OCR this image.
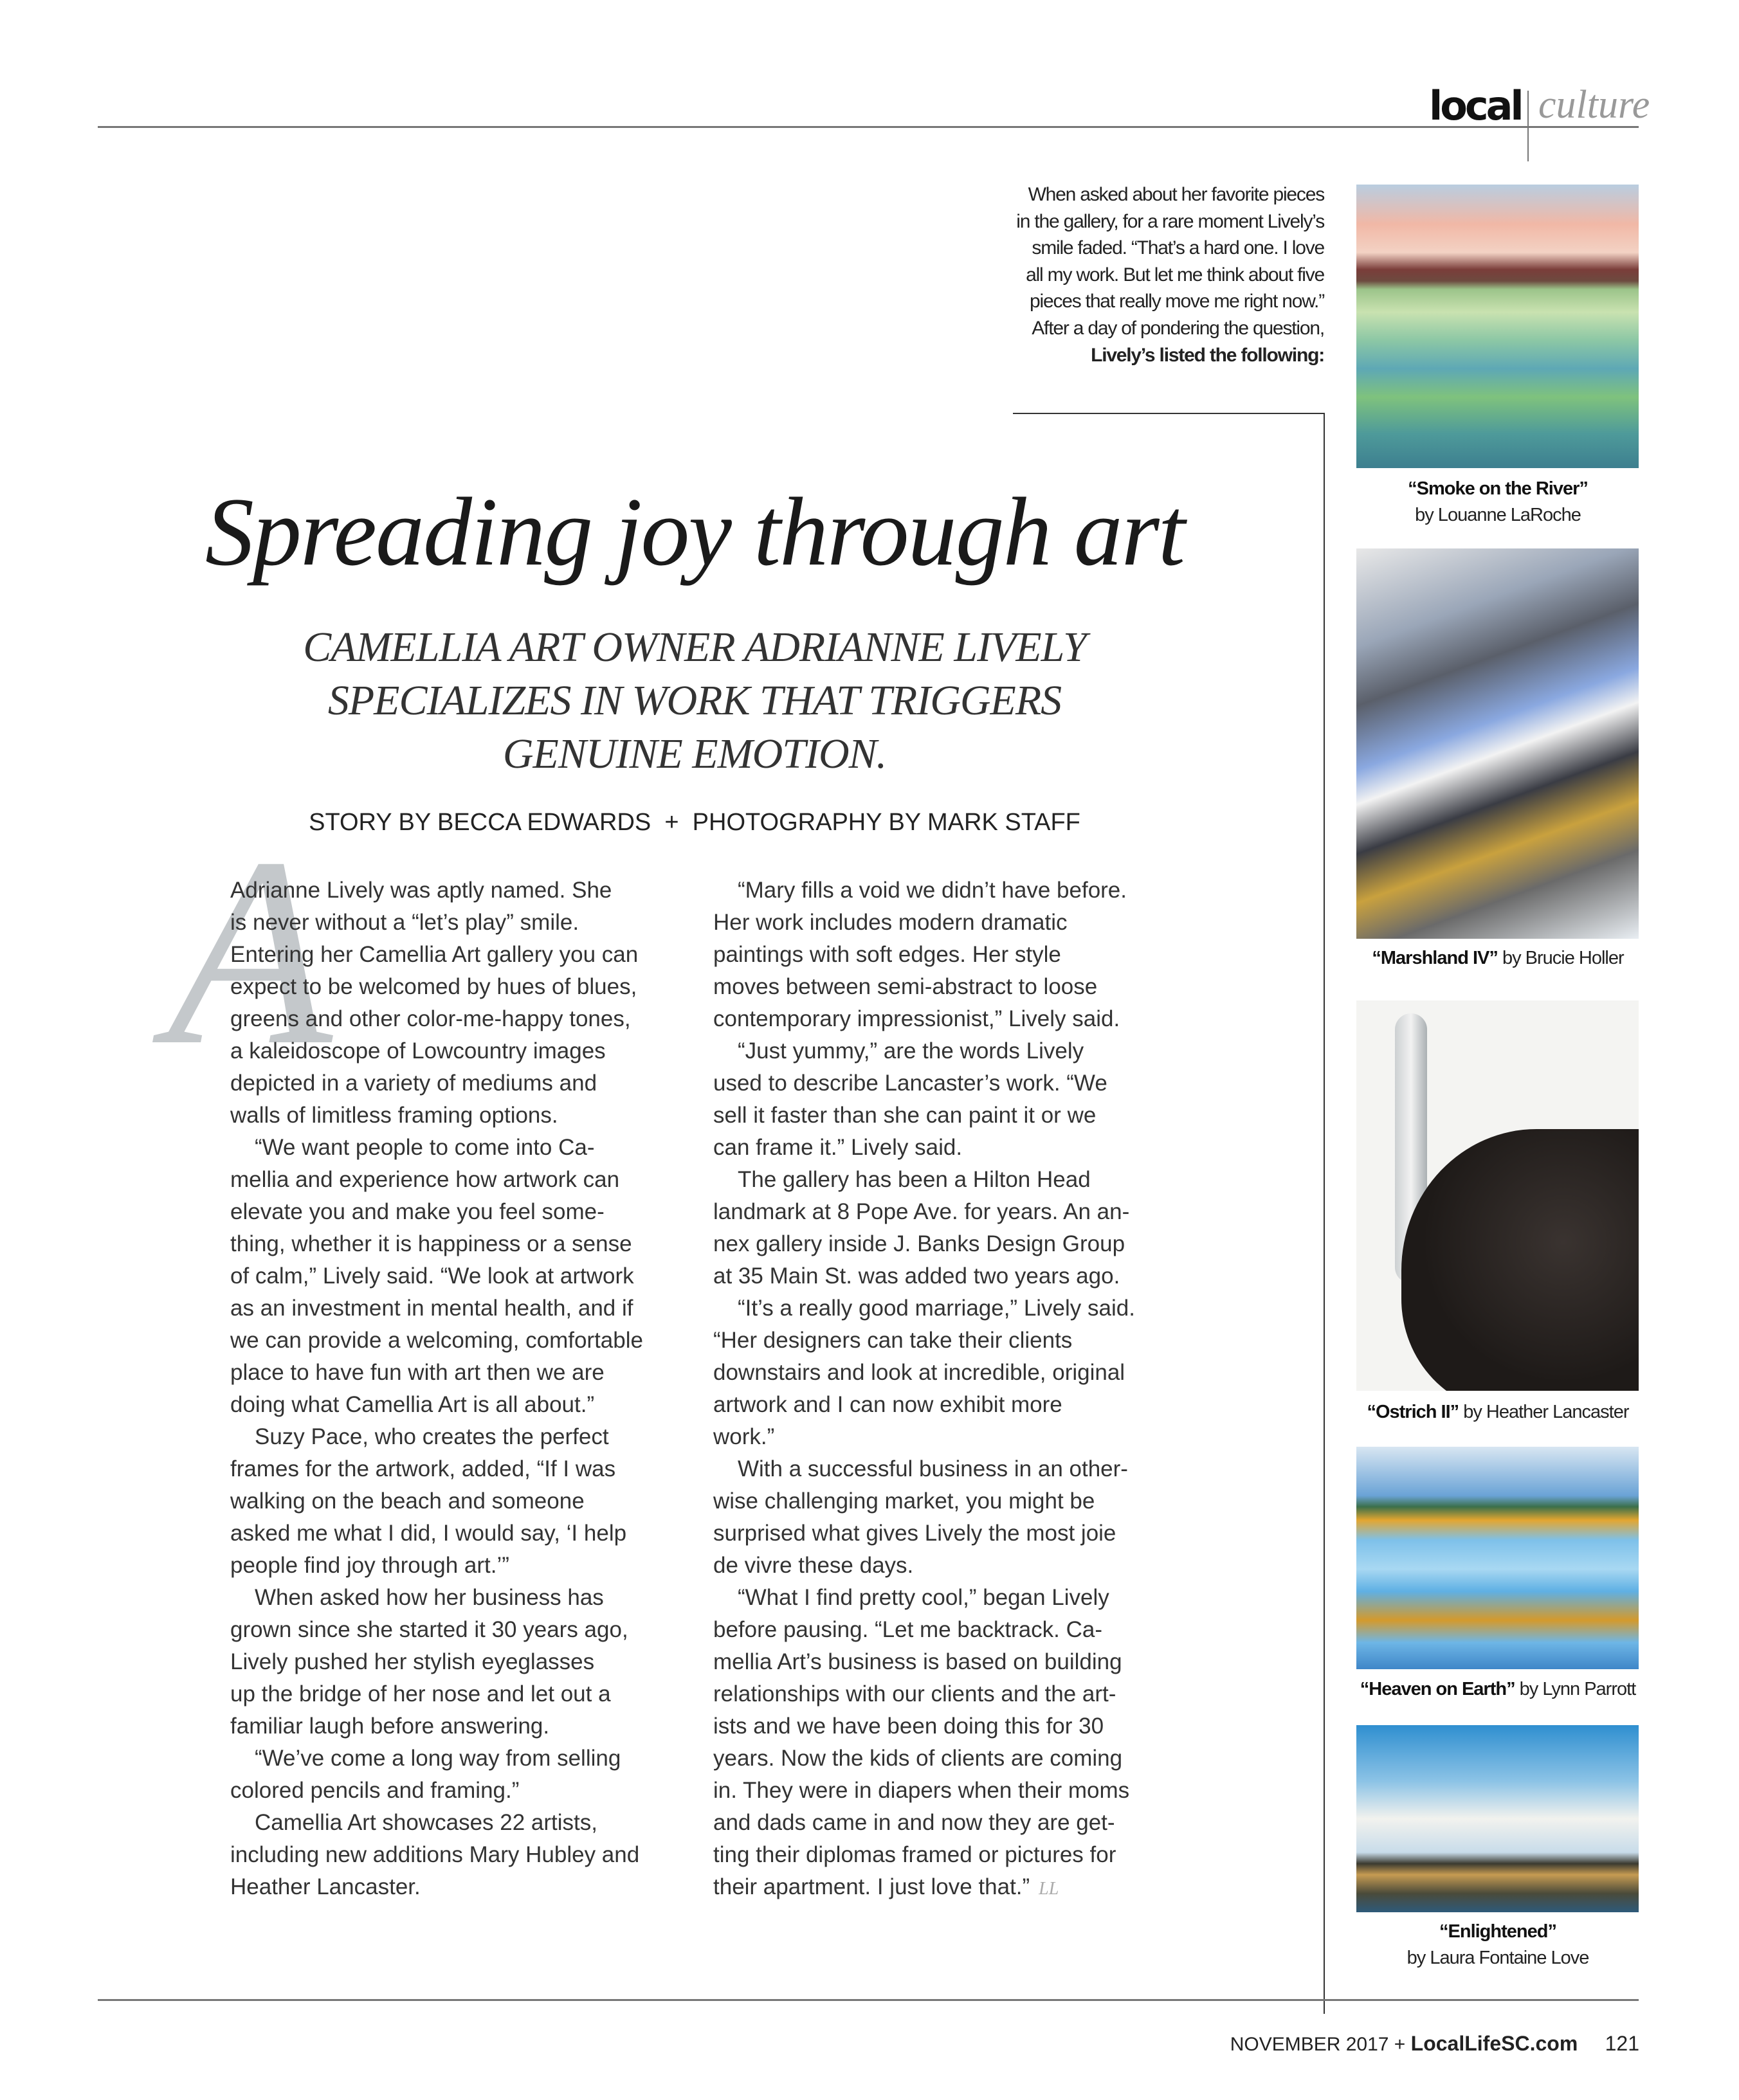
local culture
When asked about her favorite pieces
in the gallery, for a rare moment Lively’s
smile faded. “That’s a hard one. I love
all my work. But let me think about five
pieces that really move me right now.”
After a day of pondering the question,
Lively’s listed the following:
“Smoke on the River”
by Louanne LaRoche
“Marshland IV” by Brucie Holler
“Ostrich II” by Heather Lancaster
“Heaven on Earth” by Lynn Parrott
“Enlightened”
by Laura Fontaine Love
Spreading joy through art
CAMELLIA ART OWNER ADRIANNE LIVELY
SPECIALIZES IN WORK THAT TRIGGERS
GENUINE EMOTION.
STORY BY BECCA EDWARDS  +  PHOTOGRAPHY BY MARK STAFF
A
Adrianne Lively was aptly named. She
is never without a “let’s play” smile.
Entering her Camellia Art gallery you can
expect to be welcomed by hues of blues,
greens and other color-me-happy tones,
a kaleidoscope of Lowcountry images
depicted in a variety of mediums and
walls of limitless framing options.
“We want people to come into Ca-
mellia and experience how artwork can
elevate you and make you feel some-
thing, whether it is happiness or a sense
of calm,” Lively said. “We look at artwork
as an investment in mental health, and if
we can provide a welcoming, comfortable
place to have fun with art then we are
doing what Camellia Art is all about.”
Suzy Pace, who creates the perfect
frames for the artwork, added, “If I was
walking on the beach and someone
asked me what I did, I would say, ‘I help
people find joy through art.’”
When asked how her business has
grown since she started it 30 years ago,
Lively pushed her stylish eyeglasses
up the bridge of her nose and let out a
familiar laugh before answering.
“We’ve come a long way from selling
colored pencils and framing.”
Camellia Art showcases 22 artists,
including new additions Mary Hubley and
Heather Lancaster.
“Mary fills a void we didn’t have before.
Her work includes modern dramatic
paintings with soft edges. Her style
moves between semi-abstract to loose
contemporary impressionist,” Lively said.
“Just yummy,” are the words Lively
used to describe Lancaster’s work. “We
sell it faster than she can paint it or we
can frame it.” Lively said.
The gallery has been a Hilton Head
landmark at 8 Pope Ave. for years. An an-
nex gallery inside J. Banks Design Group
at 35 Main St. was added two years ago.
“It’s a really good marriage,” Lively said.
“Her designers can take their clients
downstairs and look at incredible, original
artwork and I can now exhibit more
work.”
With a successful business in an other-
wise challenging market, you might be
surprised what gives Lively the most joie
de vivre these days.
“What I find pretty cool,” began Lively
before pausing. “Let me backtrack. Ca-
mellia Art’s business is based on building
relationships with our clients and the art-
ists and we have been doing this for 30
years. Now the kids of clients are coming
in. They were in diapers when their moms
and dads came in and now they are get-
ting their diplomas framed or pictures for
their apartment. I just love that.” LL
NOVEMBER 2017 + LocalLifeSC.com 121
